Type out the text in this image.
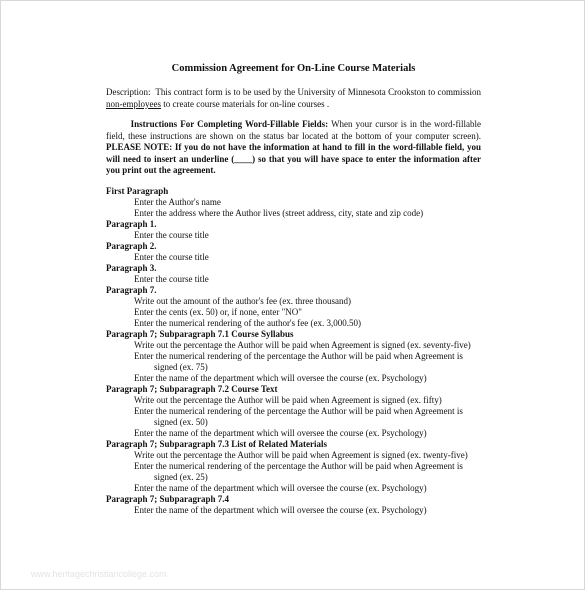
Commission Agreement for On-Line Course Materials
Description: This contract form is to be used by the University of Minnesota Crookston to commission non-employees to create course materials for on-line courses .
Instructions For Completing Word-Fillable Fields: When your cursor is in the word-fillable field, these instructions are shown on the status bar located at the bottom of your computer screen). PLEASE NOTE: If you do not have the information at hand to fill in the word-fillable field, you will need to insert an underline (____) so that you will have space to enter the information after you print out the agreement.
First Paragraph
Enter the Author's name
Enter the address where the Author lives (street address, city, state and zip code)
Paragraph 1.
Enter the course title
Paragraph 2.
Enter the course title
Paragraph 3.
Enter the course title
Paragraph 7.
Write out the amount of the author's fee (ex. three thousand)
Enter the cents (ex. 50) or, if none, enter "NO"
Enter the numerical rendering of the author's fee (ex. 3,000.50)
Paragraph 7; Subparagraph 7.1 Course Syllabus
Write out the percentage the Author will be paid when Agreement is signed (ex. seventy-five)
Enter the numerical rendering of the percentage the Author will be paid when Agreement is signed (ex. 75)
Enter the name of the department which will oversee the course (ex. Psychology)
Paragraph 7; Subparagraph 7.2 Course Text
Write out the percentage the Author will be paid when Agreement is signed (ex. fifty)
Enter the numerical rendering of the percentage the Author will be paid when Agreement is signed (ex. 50)
Enter the name of the department which will oversee the course (ex. Psychology)
Paragraph 7; Subparagraph 7.3 List of Related Materials
Write out the percentage the Author will be paid when Agreement is signed (ex. twenty-five)
Enter the numerical rendering of the percentage the Author will be paid when Agreement is signed (ex. 25)
Enter the name of the department which will oversee the course (ex. Psychology)
Paragraph 7; Subparagraph 7.4
Enter the name of the department which will oversee the course (ex. Psychology)
www.heritagechristiancollege.com
